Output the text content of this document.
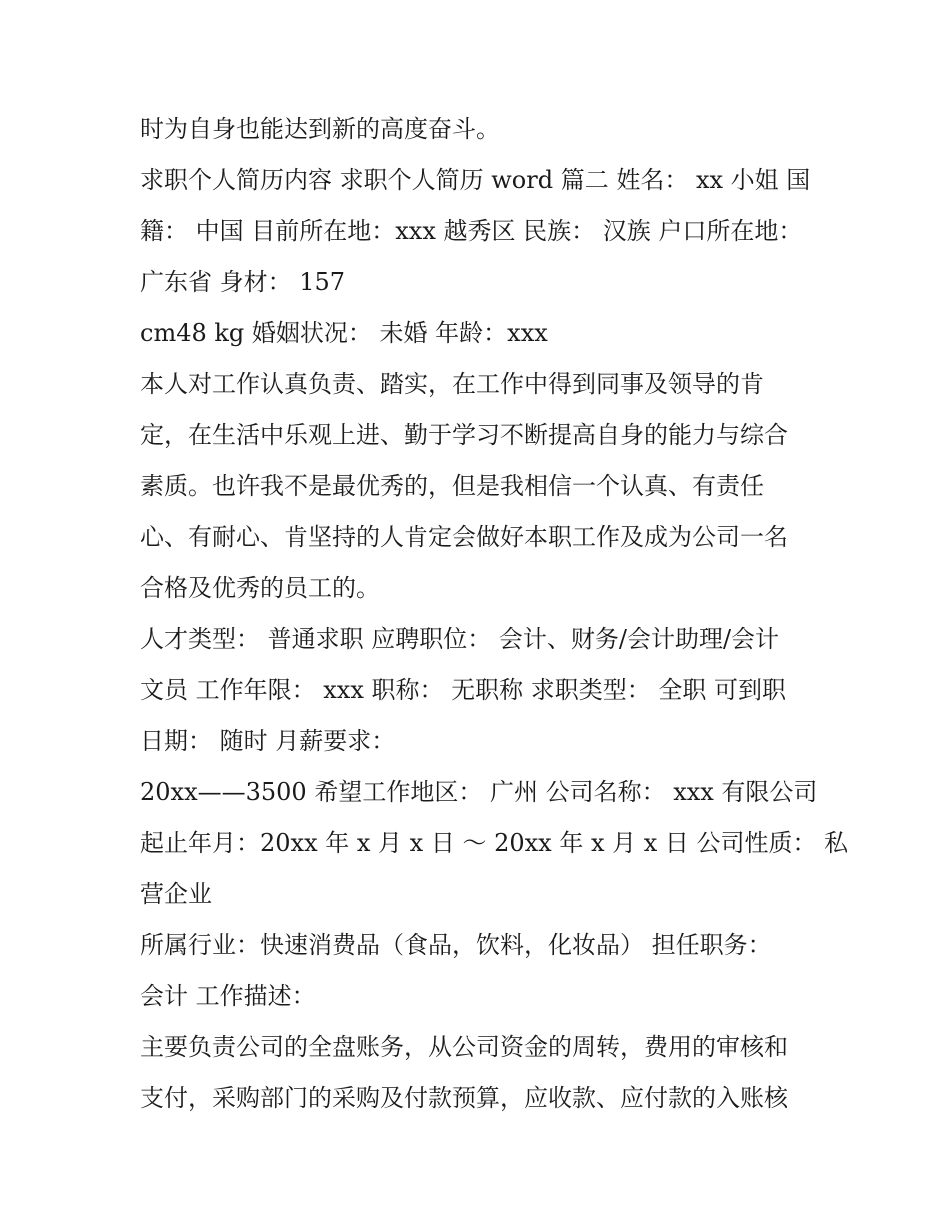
时为自身也能达到新的高度奋斗。
求职个人简历内容 求职个人简历 word 篇二 姓名： xx 小姐 国
籍： 中国 目前所在地：xxx 越秀区 民族： 汉族 户口所在地：
广东省 身材： 157
cm48 kg 婚姻状况： 未婚 年龄：xxx
本人对工作认真负责、踏实，在工作中得到同事及领导的肯
定，在生活中乐观上进、勤于学习不断提高自身的能力与综合
素质。也许我不是最优秀的，但是我相信一个认真、有责任
心、有耐心、肯坚持的人肯定会做好本职工作及成为公司一名
合格及优秀的员工的。
人才类型： 普通求职 应聘职位： 会计、财务/会计助理/会计
文员 工作年限： xxx 职称： 无职称 求职类型： 全职 可到职
日期： 随时 月薪要求：
20xx——3500 希望工作地区： 广州 公司名称： xxx 有限公司
起止年月：20xx 年 x 月 x 日 ～ 20xx 年 x 月 x 日 公司性质： 私
营企业
所属行业：快速消费品（食品，饮料，化妆品） 担任职务：
会计 工作描述：
主要负责公司的全盘账务，从公司资金的周转，费用的审核和
支付，采购部门的采购及付款预算，应收款、应付款的入账核
